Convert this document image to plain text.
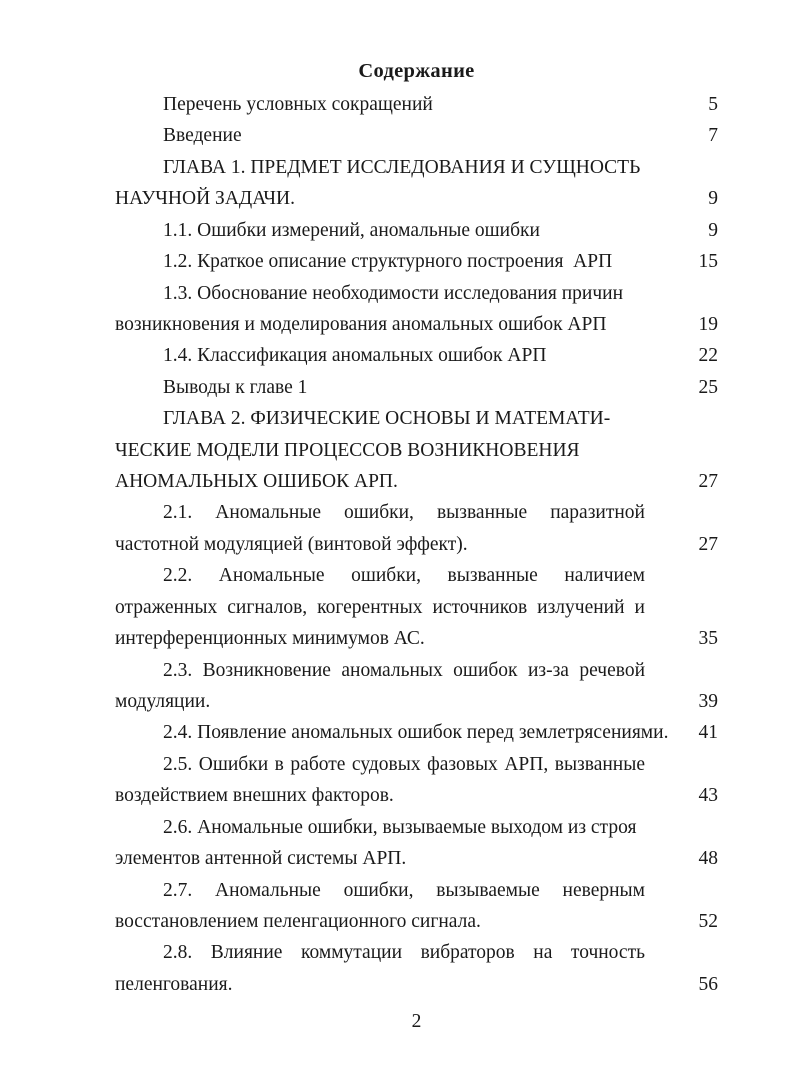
Содержание
Перечень условных сокращений	5
Введение	7
ГЛАВА 1. ПРЕДМЕТ ИССЛЕДОВАНИЯ И СУЩНОСТЬ
НАУЧНОЙ ЗАДАЧИ.	9
1.1. Ошибки измерений, аномальные ошибки	9
1.2. Краткое описание структурного построения  АРП	15
1.3. Обоснование необходимости исследования причин
возникновения и моделирования аномальных ошибок АРП	19
1.4. Классификация аномальных ошибок АРП	22
Выводы к главе 1	25
ГЛАВА 2. ФИЗИЧЕСКИЕ ОСНОВЫ И МАТЕМАТИ-
ЧЕСКИЕ МОДЕЛИ ПРОЦЕССОВ ВОЗНИКНОВЕНИЯ
АНОМАЛЬНЫХ ОШИБОК АРП.	27
2.1. Аномальные ошибки, вызванные паразитной
частотной модуляцией (винтовой эффект).	27
2.2. Аномальные ошибки, вызванные наличием
отраженных сигналов, когерентных источников излучений и
интерференционных минимумов АС.	35
2.3. Возникновение аномальных ошибок из-за речевой
модуляции.	39
2.4. Появление аномальных ошибок перед землетрясениями.	41
2.5. Ошибки в работе судовых фазовых АРП, вызванные
воздействием внешних факторов.	43
2.6. Аномальные ошибки, вызываемые выходом из строя
элементов антенной системы АРП.	48
2.7. Аномальные ошибки, вызываемые неверным
восстановлением пеленгационного сигнала.	52
2.8. Влияние коммутации вибраторов на точность
пеленгования.	56
2
